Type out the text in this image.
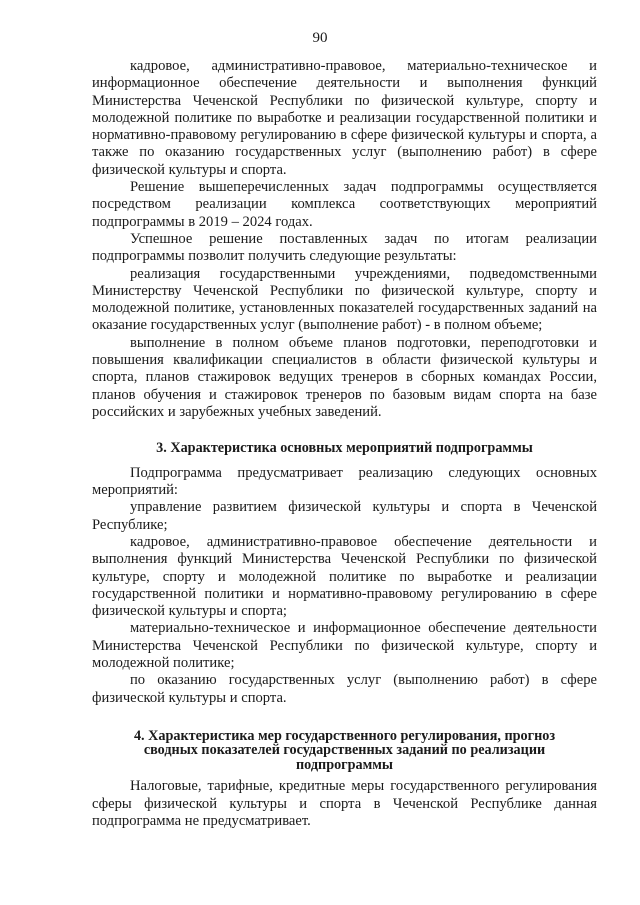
90

кадровое, административно-правовое, материально-техническое и информационное обеспечение деятельности и выполнения функций Министерства Чеченской Республики по физической культуре, спорту и молодежной политике по выработке и реализации государственной политики и нормативно-правовому регулированию в сфере физической культуры и спорта, а также по оказанию государственных услуг (выполнению работ) в сфере физической культуры и спорта.

Решение вышеперечисленных задач подпрограммы осуществляется посредством реализации комплекса соответствующих мероприятий подпрограммы в 2019 – 2024 годах.

Успешное решение поставленных задач по итогам реализации подпрограммы позволит получить следующие результаты:

реализация государственными учреждениями, подведомственными Министерству Чеченской Республики по физической культуре, спорту и молодежной политике, установленных показателей государственных заданий на оказание государственных услуг (выполнение работ) - в полном объеме;

выполнение в полном объеме планов подготовки, переподготовки и повышения квалификации специалистов в области физической культуры и спорта, планов стажировок ведущих тренеров в сборных командах России, планов обучения и стажировок тренеров по базовым видам спорта на базе российских и зарубежных учебных заведений.

3. Характеристика основных мероприятий подпрограммы

Подпрограмма предусматривает реализацию следующих основных мероприятий:

управление развитием физической культуры и спорта в Чеченской Республике;

кадровое, административно-правовое обеспечение деятельности и выполнения функций Министерства Чеченской Республики по физической культуре, спорту и молодежной политике по выработке и реализации государственной политики и нормативно-правовому регулированию в сфере физической культуры и спорта;

материально-техническое и информационное обеспечение деятельности Министерства Чеченской Республики по физической культуре, спорту и молодежной политике;

по оказанию государственных услуг (выполнению работ) в сфере физической культуры и спорта.

4. Характеристика мер государственного регулирования, прогноз сводных показателей государственных заданий по реализации подпрограммы

Налоговые, тарифные, кредитные меры государственного регулирования сферы физической культуры и спорта в Чеченской Республике данная подпрограмма не предусматривает.
